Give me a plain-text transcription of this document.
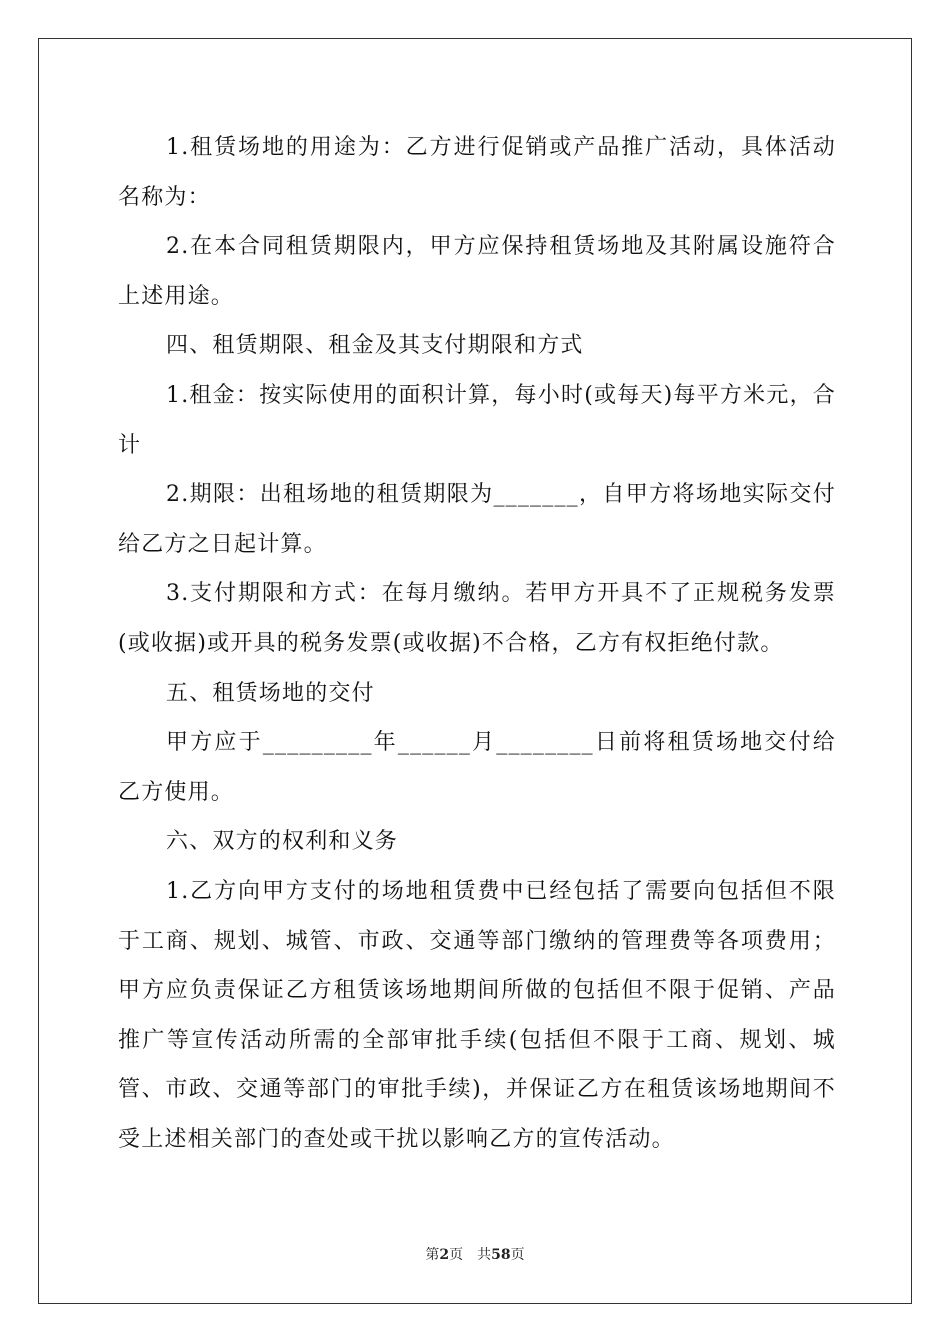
1.租赁场地的用途为：乙方进行促销或产品推广活动，具体活动名称为：

2.在本合同租赁期限内，甲方应保持租赁场地及其附属设施符合上述用途。

四、租赁期限、租金及其支付期限和方式

1.租金：按实际使用的面积计算，每小时(或每天)每平方米元，合计

2.期限：出租场地的租赁期限为_______，自甲方将场地实际交付给乙方之日起计算。

3.支付期限和方式：在每月缴纳。若甲方开具不了正规税务发票(或收据)或开具的税务发票(或收据)不合格，乙方有权拒绝付款。

五、租赁场地的交付

甲方应于_________年______月________日前将租赁场地交付给乙方使用。

六、双方的权利和义务

1.乙方向甲方支付的场地租赁费中已经包括了需要向包括但不限于工商、规划、城管、市政、交通等部门缴纳的管理费等各项费用；甲方应负责保证乙方租赁该场地期间所做的包括但不限于促销、产品推广等宣传活动所需的全部审批手续(包括但不限于工商、规划、城管、市政、交通等部门的审批手续)，并保证乙方在租赁该场地期间不受上述相关部门的查处或干扰以影响乙方的宣传活动。

第2页 共58页
